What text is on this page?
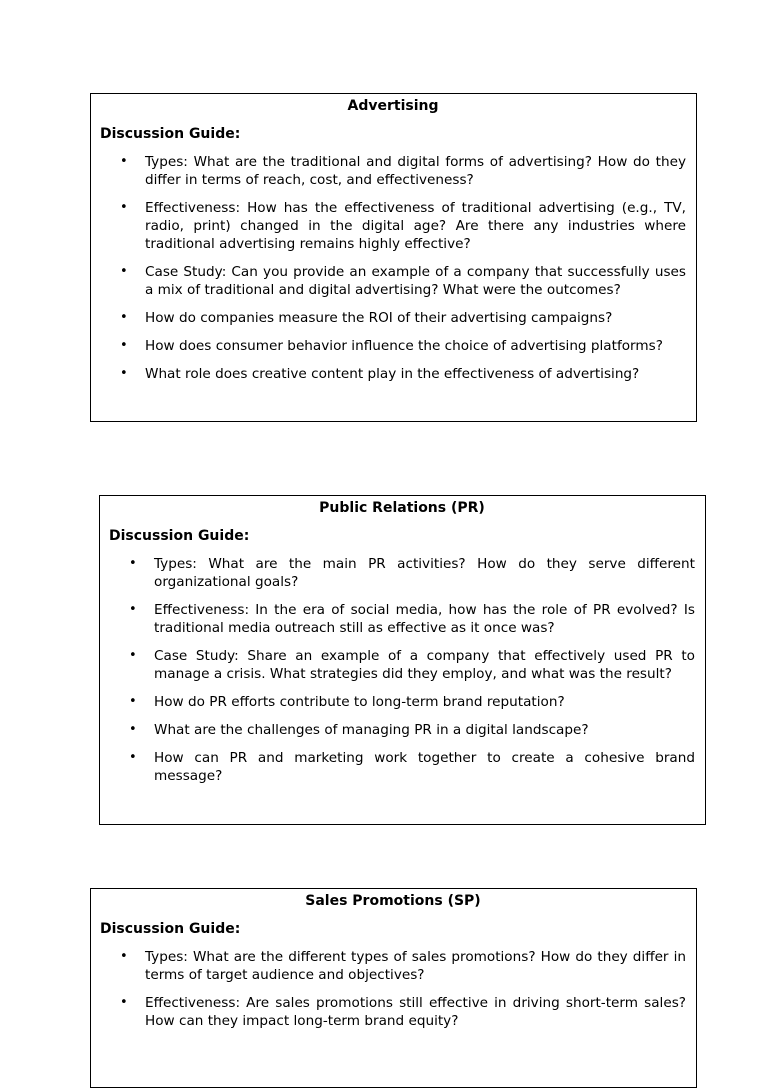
Advertising
Discussion Guide:
• Types: What are the traditional and digital forms of advertising? How do they differ in terms of reach, cost, and effectiveness?
• Effectiveness: How has the effectiveness of traditional advertising (e.g., TV, radio, print) changed in the digital age? Are there any industries where traditional advertising remains highly effective?
• Case Study: Can you provide an example of a company that successfully uses a mix of traditional and digital advertising? What were the outcomes?
• How do companies measure the ROI of their advertising campaigns?
• How does consumer behavior influence the choice of advertising platforms?
• What role does creative content play in the effectiveness of advertising?
Public Relations (PR)
Discussion Guide:
• Types: What are the main PR activities? How do they serve different organizational goals?
• Effectiveness: In the era of social media, how has the role of PR evolved? Is traditional media outreach still as effective as it once was?
• Case Study: Share an example of a company that effectively used PR to manage a crisis. What strategies did they employ, and what was the result?
• How do PR efforts contribute to long-term brand reputation?
• What are the challenges of managing PR in a digital landscape?
• How can PR and marketing work together to create a cohesive brand message?
Sales Promotions (SP)
Discussion Guide:
• Types: What are the different types of sales promotions? How do they differ in terms of target audience and objectives?
• Effectiveness: Are sales promotions still effective in driving short-term sales? How can they impact long-term brand equity?
